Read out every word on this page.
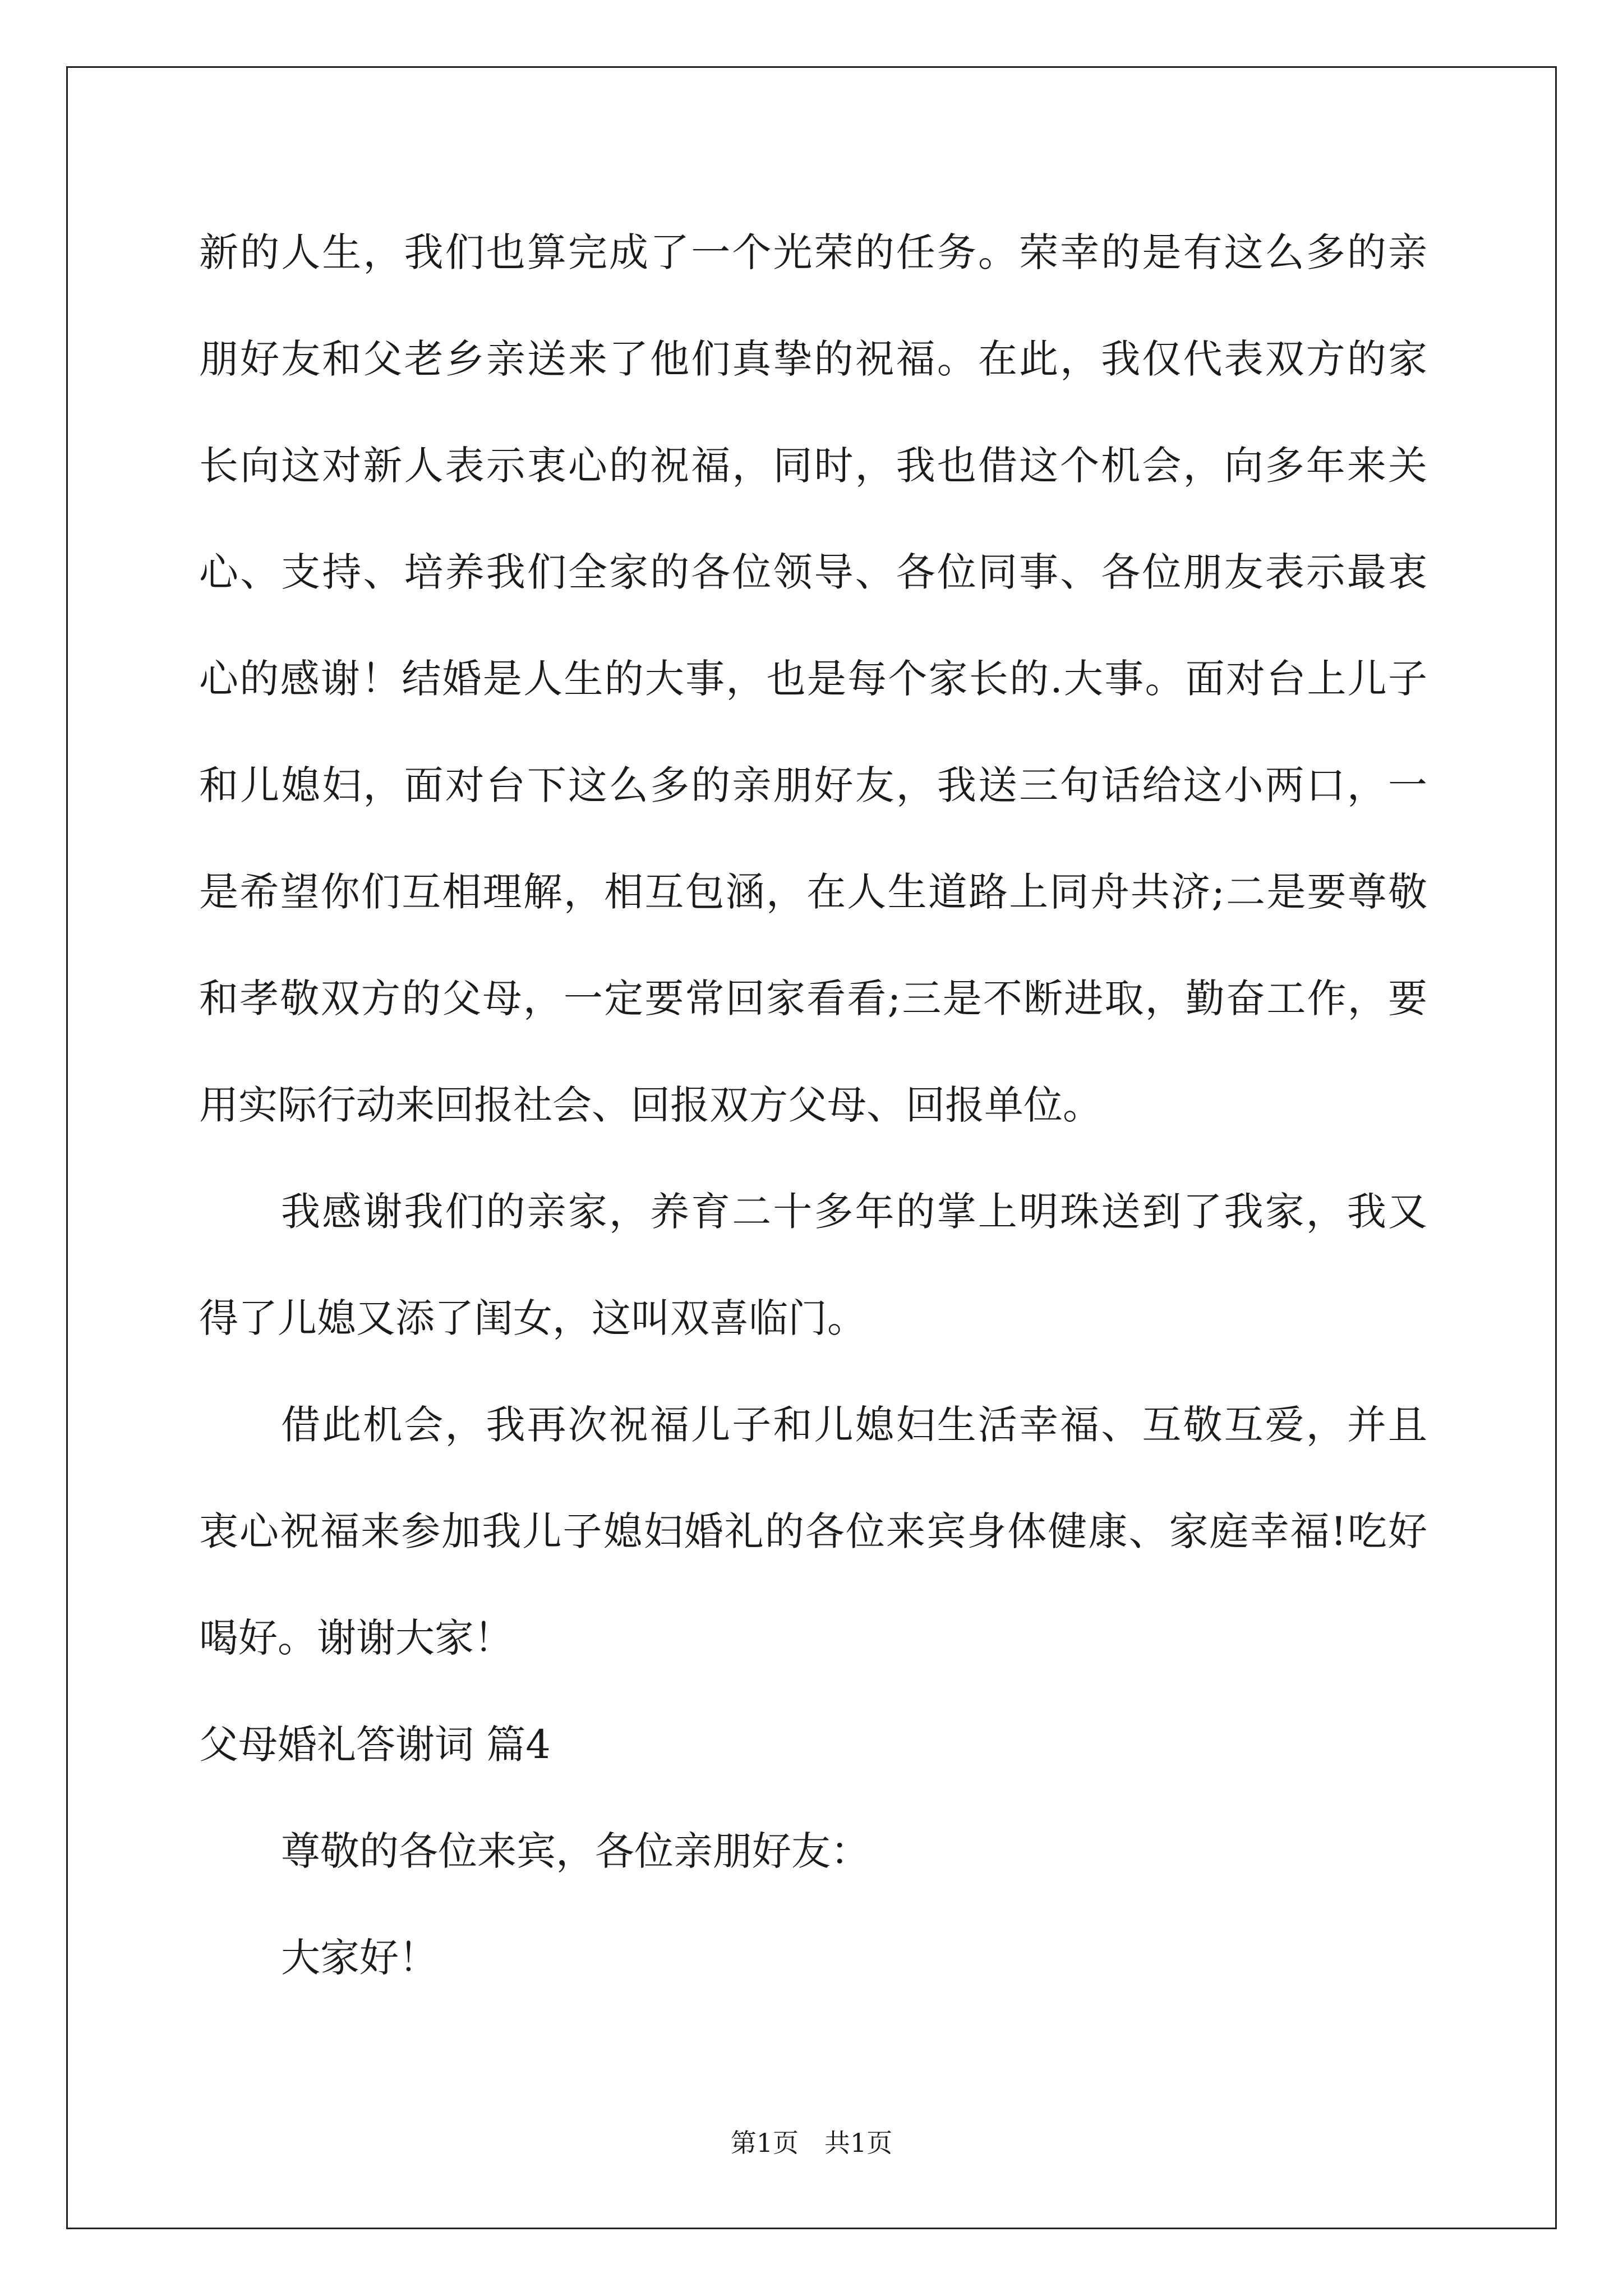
新的人生，我们也算完成了一个光荣的任务。荣幸的是有这么多的亲
朋好友和父老乡亲送来了他们真挚的祝福。在此，我仅代表双方的家
长向这对新人表示衷心的祝福，同时，我也借这个机会，向多年来关
心、支持、培养我们全家的各位领导、各位同事、各位朋友表示最衷
心的感谢！结婚是人生的大事，也是每个家长的.大事。面对台上儿子
和儿媳妇，面对台下这么多的亲朋好友，我送三句话给这小两口，一
是希望你们互相理解，相互包涵，在人生道路上同舟共济;二是要尊敬
和孝敬双方的父母，一定要常回家看看;三是不断进取，勤奋工作，要
用实际行动来回报社会、回报双方父母、回报单位。
我感谢我们的亲家，养育二十多年的掌上明珠送到了我家，我又
得了儿媳又添了闺女，这叫双喜临门。
借此机会，我再次祝福儿子和儿媳妇生活幸福、互敬互爱，并且
衷心祝福来参加我儿子媳妇婚礼的各位来宾身体健康、家庭幸福!吃好
喝好。谢谢大家！
父母婚礼答谢词 篇4
尊敬的各位来宾，各位亲朋好友：
大家好！
第1页　共1页
